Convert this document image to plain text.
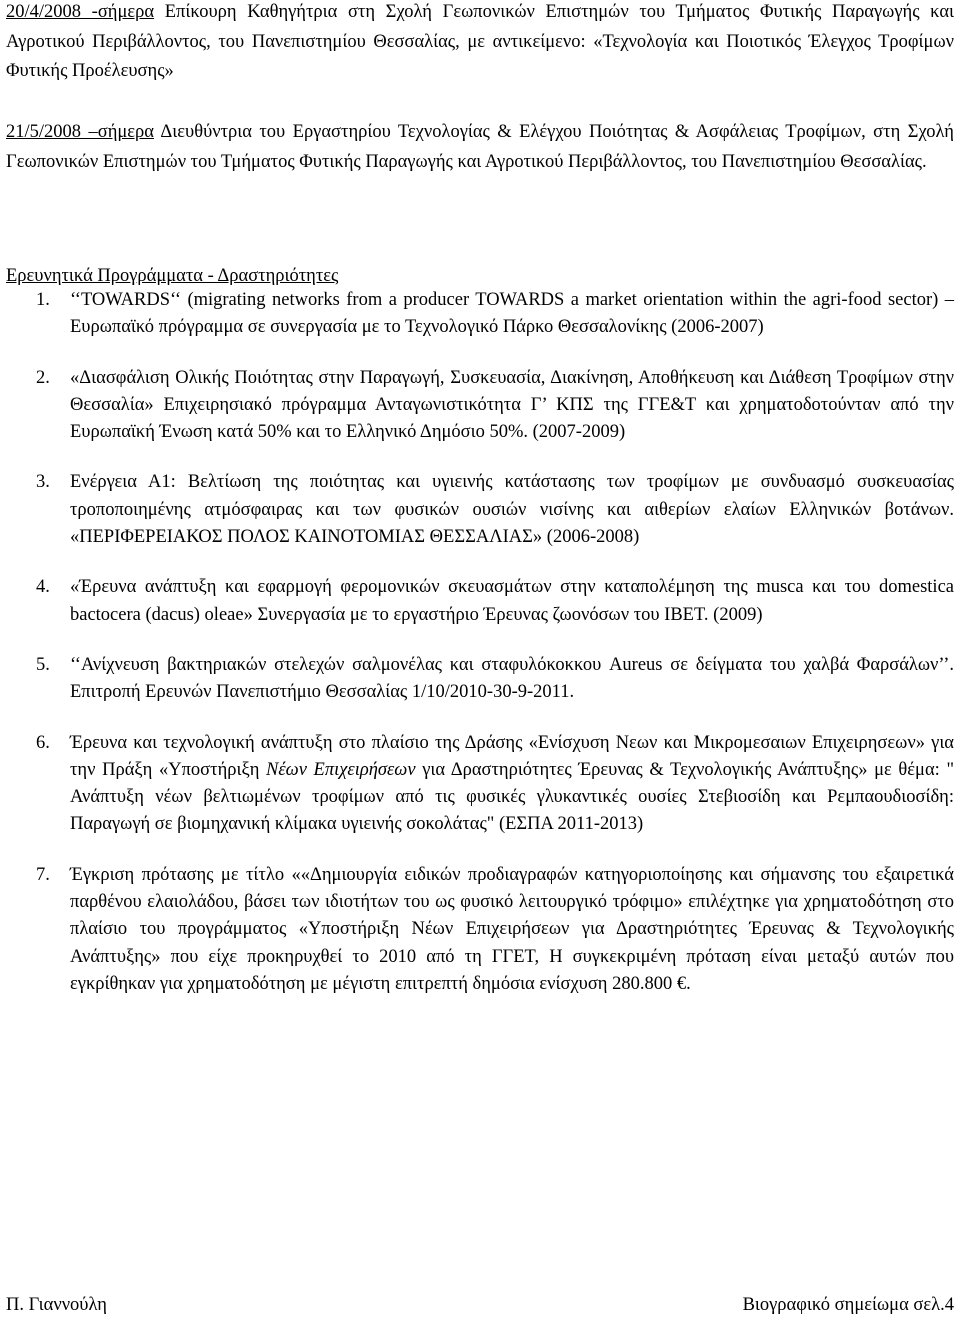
20/4/2008 -σήμερα Επίκουρη Καθηγήτρια στη Σχολή Γεωπονικών Επιστημών του Τμήματος Φυτικής Παραγωγής και Αγροτικού Περιβάλλοντος, του Πανεπιστημίου Θεσσαλίας, με αντικείμενο: «Τεχνολογία και Ποιοτικός Έλεγχος Τροφίμων Φυτικής Προέλευσης»

21/5/2008 –σήμερα Διευθύντρια του Εργαστηρίου Τεχνολογίας & Ελέγχου Ποιότητας & Ασφάλειας Τροφίμων, στη Σχολή Γεωπονικών Επιστημών του Τμήματος Φυτικής Παραγωγής και Αγροτικού Περιβάλλοντος, του Πανεπιστημίου Θεσσαλίας.

Ερευνητικά Προγράμματα - Δραστηριότητες

1. ‘‘TOWARDS‘‘ (migrating networks from a producer TOWARDS a market orientation within the agri-food sector) – Ευρωπαϊκό πρόγραμμα σε συνεργασία με το Τεχνολογικό Πάρκο Θεσσαλονίκης (2006-2007)
2. «Διασφάλιση Ολικής Ποιότητας στην Παραγωγή, Συσκευασία, Διακίνηση, Αποθήκευση και Διάθεση Τροφίμων στην Θεσσαλία» Επιχειρησιακό πρόγραμμα Ανταγωνιστικότητα Γ’ ΚΠΣ της ΓΓΕ&Τ και χρηματοδοτούνταν από την Ευρωπαϊκή Ένωση κατά 50% και το Ελληνικό Δημόσιο 50%. (2007-2009)
3. Ενέργεια Α1: Βελτίωση της ποιότητας και υγιεινής κατάστασης των τροφίμων με συνδυασμό συσκευασίας τροποποιημένης ατμόσφαιρας και των φυσικών ουσιών νισίνης και αιθερίων ελαίων Ελληνικών βοτάνων. «ΠΕΡΙΦΕΡΕΙΑΚΟΣ ΠΟΛΟΣ ΚΑΙΝΟΤΟΜΙΑΣ ΘΕΣΣΑΛΙΑΣ» (2006-2008)
4. «Έρευνα ανάπτυξη και εφαρμογή φερομονικών σκευασμάτων στην καταπολέμηση της musca και του domestica bactocera (dacus) oleae» Συνεργασία με το εργαστήριο Έρευνας ζωονόσων του ΙΒΕΤ. (2009)
5. ‘‘Ανίχνευση βακτηριακών στελεχών σαλμονέλας και σταφυλόκοκκου Aureus σε δείγματα του χαλβά Φαρσάλων’’. Επιτροπή Ερευνών Πανεπιστήμιο Θεσσαλίας 1/10/2010-30-9-2011.
6. Έρευνα και τεχνολογική ανάπτυξη στο πλαίσιο της Δράσης «Ενίσχυση Νεων και Μικρομεσαιων Επιχειρησεων» για την Πράξη «Υποστήριξη Νέων Επιχειρήσεων για Δραστηριότητες Έρευνας & Τεχνολογικής Ανάπτυξης» με θέμα: " Ανάπτυξη νέων βελτιωμένων τροφίμων από τις φυσικές γλυκαντικές ουσίες Στεβιοσίδη και Ρεμπαουδιοσίδη: Παραγωγή σε βιομηχανική κλίμακα υγιεινής σοκολάτας" (ΕΣΠΑ 2011-2013)
7. Έγκριση πρότασης με τίτλο ««Δημιουργία ειδικών προδιαγραφών κατηγοριοποίησης και σήμανσης του εξαιρετικά παρθένου ελαιολάδου, βάσει των ιδιοτήτων του ως φυσικό λειτουργικό τρόφιμο» επιλέχτηκε για χρηματοδότηση στο πλαίσιο του προγράμματος «Υποστήριξη Νέων Επιχειρήσεων για Δραστηριότητες Έρευνας & Τεχνολογικής Ανάπτυξης» που είχε προκηρυχθεί το 2010 από τη ΓΓΕΤ, Η συγκεκριμένη πρόταση είναι μεταξύ αυτών που εγκρίθηκαν για χρηματοδότηση με μέγιστη επιτρεπτή δημόσια ενίσχυση 280.800 €.
Π. Γιαννούλη	Βιογραφικό σημείωμα σελ.4
